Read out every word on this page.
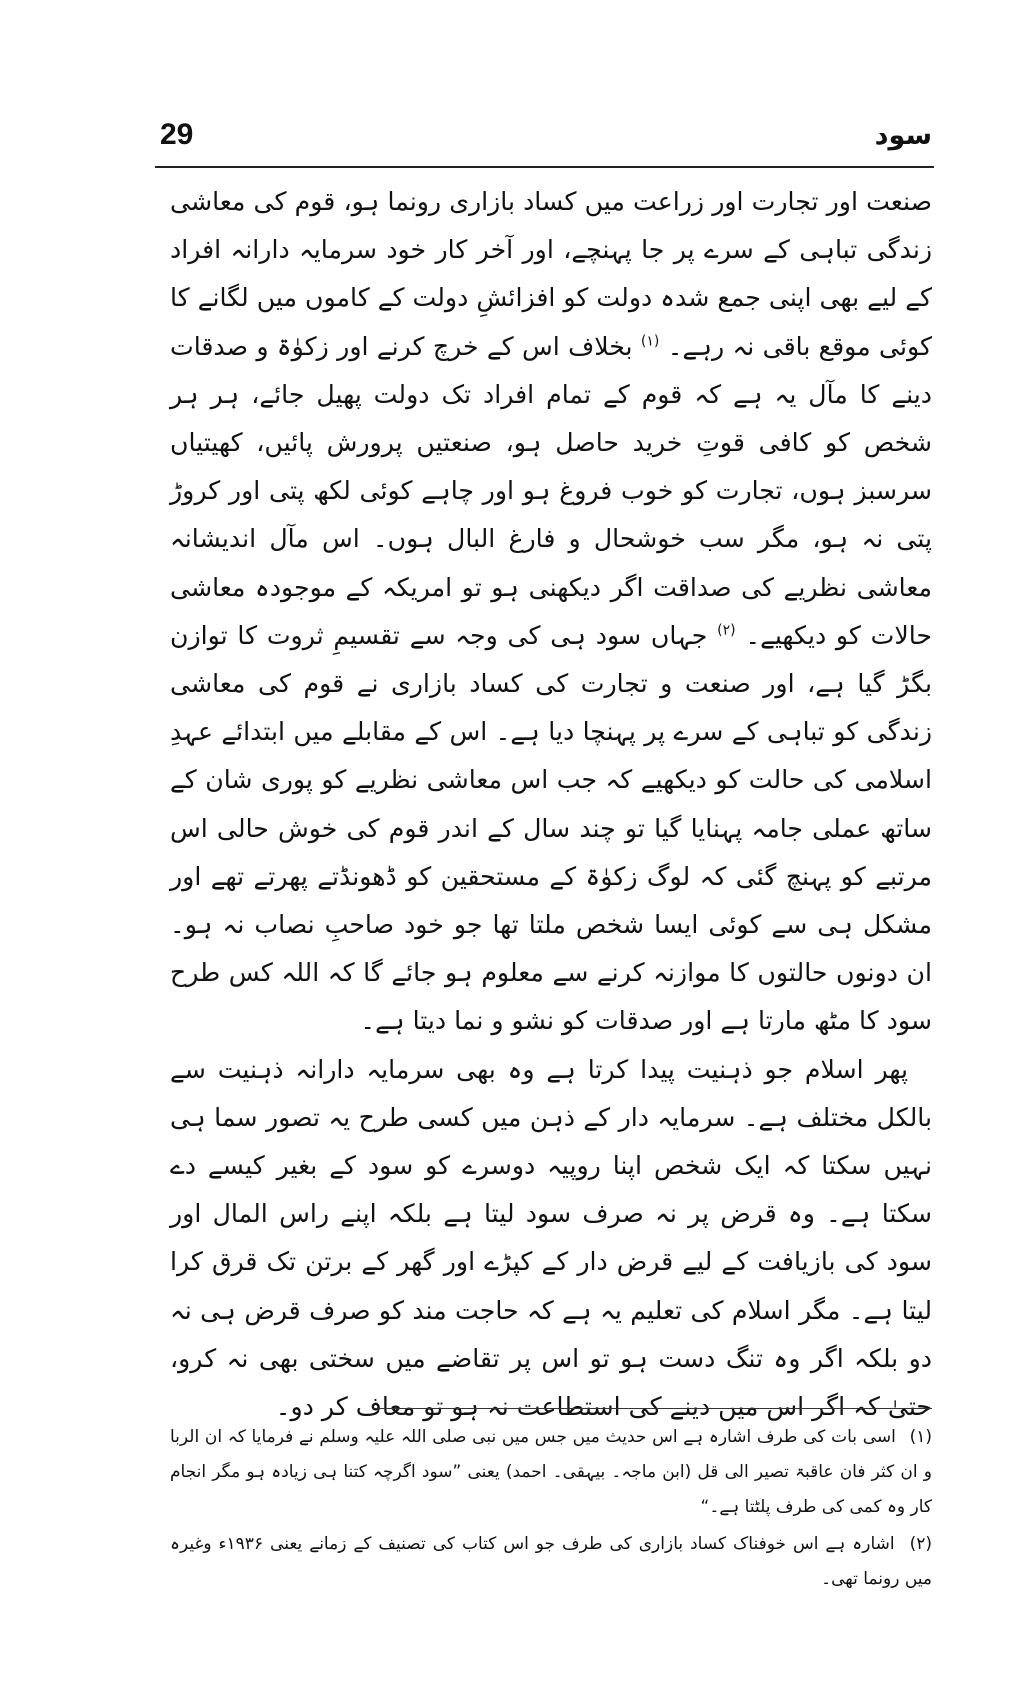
29	سود

صنعت اور تجارت اور زراعت میں کساد بازاری رونما ہو، قوم کی معاشی زندگی تباہی کے سرے پر جا پہنچے، اور آخر کار خود سرمایہ دارانہ افراد کے لیے بھی اپنی جمع شدہ دولت کو افزائشِ دولت کے کاموں میں لگانے کا کوئی موقع باقی نہ رہے۔ $^{(۱)}$ بخلاف اس کے خرچ کرنے اور زکوٰۃ و صدقات دینے کا مآل یہ ہے کہ قوم کے تمام افراد تک دولت پھیل جائے، ہر ہر شخص کو کافی قوتِ خرید حاصل ہو، صنعتیں پرورش پائیں، کھیتیاں سرسبز ہوں، تجارت کو خوب فروغ ہو اور چاہے کوئی لکھ پتی اور کروڑ پتی نہ ہو، مگر سب خوشحال و فارغ البال ہوں۔ اس مآل اندیشانہ معاشی نظریے کی صداقت اگر دیکھنی ہو تو امریکہ کے موجودہ معاشی حالات کو دیکھیے۔ $^{(۲)}$ جہاں سود ہی کی وجہ سے تقسیمِ ثروت کا توازن بگڑ گیا ہے، اور صنعت و تجارت کی کساد بازاری نے قوم کی معاشی زندگی کو تباہی کے سرے پر پہنچا دیا ہے۔ اس کے مقابلے میں ابتدائے عہدِ اسلامی کی حالت کو دیکھیے کہ جب اس معاشی نظریے کو پوری شان کے ساتھ عملی جامہ پہنایا گیا تو چند سال کے اندر قوم کی خوش حالی اس مرتبے کو پہنچ گئی کہ لوگ زکوٰۃ کے مستحقین کو ڈھونڈتے پھرتے تھے اور مشکل ہی سے کوئی ایسا شخص ملتا تھا جو خود صاحبِ نصاب نہ ہو۔ ان دونوں حالتوں کا موازنہ کرنے سے معلوم ہو جائے گا کہ اللہ کس طرح سود کا مٹھ مارتا ہے اور صدقات کو نشو و نما دیتا ہے۔

پھر اسلام جو ذہنیت پیدا کرتا ہے وہ بھی سرمایہ دارانہ ذہنیت سے بالکل مختلف ہے۔ سرمایہ دار کے ذہن میں کسی طرح یہ تصور سما ہی نہیں سکتا کہ ایک شخص اپنا روپیہ دوسرے کو سود کے بغیر کیسے دے سکتا ہے۔ وہ قرض پر نہ صرف سود لیتا ہے بلکہ اپنے راس المال اور سود کی بازیافت کے لیے قرض دار کے کپڑے اور گھر کے برتن تک قرق کرا لیتا ہے۔ مگر اسلام کی تعلیم یہ ہے کہ حاجت مند کو صرف قرض ہی نہ دو بلکہ اگر وہ تنگ دست ہو تو اس پر تقاضے میں سختی بھی نہ کرو، حتیٰ کہ اگر اس میں دینے کی استطاعت نہ ہو تو معاف کر دو۔

(۱) اسی بات کی طرف اشارہ ہے اس حدیث میں جس میں نبی صلی اللہ علیہ وسلم نے فرمایا کہ ان الربا و ان کثر فان عاقبۃ تصیر الی قل (ابن ماجہ۔ بیہقی۔ احمد) یعنی ”سود اگرچہ کتنا ہی زیادہ ہو مگر انجام کار وہ کمی کی طرف پلٹتا ہے۔“

(۲) اشارہ ہے اس خوفناک کساد بازاری کی طرف جو اس کتاب کی تصنیف کے زمانے یعنی ۱۹۳۶ء وغیرہ میں رونما تھی۔
